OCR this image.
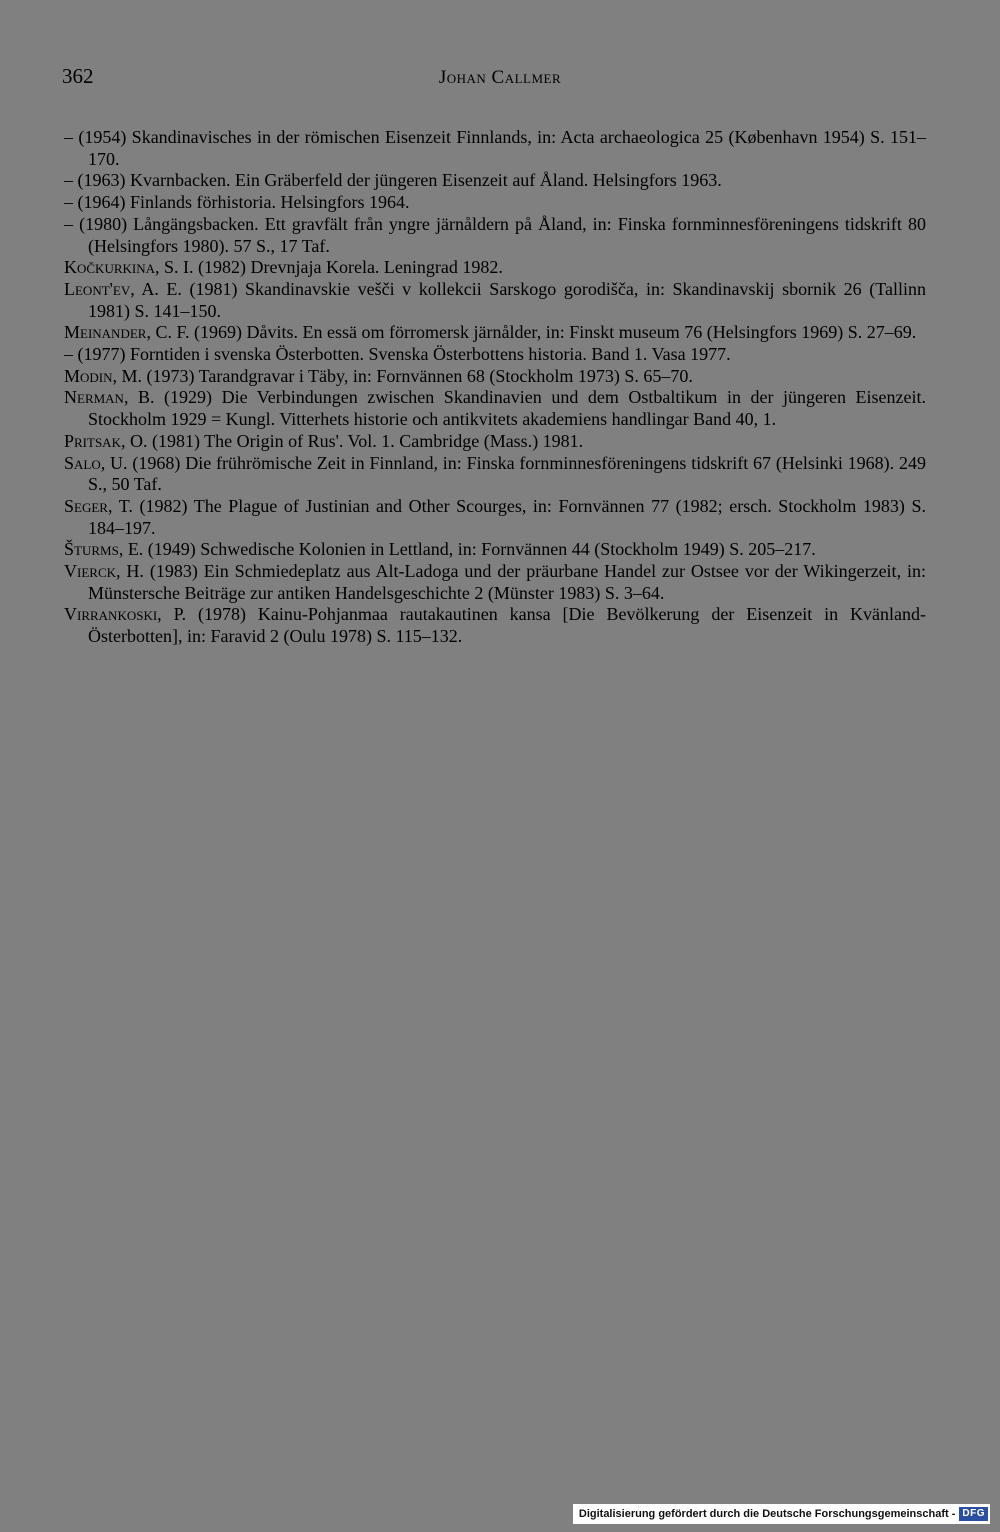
362	Johan Callmer
– (1954) Skandinavisches in der römischen Eisenzeit Finnlands, in: Acta archaeologica 25 (København 1954) S. 151–170.
– (1963) Kvarnbacken. Ein Gräberfeld der jüngeren Eisenzeit auf Åland. Helsingfors 1963.
– (1964) Finlands förhistoria. Helsingfors 1964.
– (1980) Långängsbacken. Ett gravfält från yngre järnåldern på Åland, in: Finska fornminnesföreningens tidskrift 80 (Helsingfors 1980). 57 S., 17 Taf.
Kočkurkina, S. I. (1982) Drevnjaja Korela. Leningrad 1982.
Leont'ev, A. E. (1981) Skandinavskie vešči v kollekcii Sarskogo gorodišča, in: Skandinavskij sbornik 26 (Tallinn 1981) S. 141–150.
Meinander, C. F. (1969) Dåvits. En essä om förromersk järnålder, in: Finskt museum 76 (Helsingfors 1969) S. 27–69.
– (1977) Forntiden i svenska Österbotten. Svenska Österbottens historia. Band 1. Vasa 1977.
Modin, M. (1973) Tarandgravar i Täby, in: Fornvännen 68 (Stockholm 1973) S. 65–70.
Nerman, B. (1929) Die Verbindungen zwischen Skandinavien und dem Ostbaltikum in der jüngeren Eisenzeit. Stockholm 1929 = Kungl. Vitterhets historie och antikvitets akademiens handlingar Band 40, 1.
Pritsak, O. (1981) The Origin of Rus'. Vol. 1. Cambridge (Mass.) 1981.
Salo, U. (1968) Die frührömische Zeit in Finnland, in: Finska fornminnesföreningens tidskrift 67 (Helsinki 1968). 249 S., 50 Taf.
Seger, T. (1982) The Plague of Justinian and Other Scourges, in: Fornvännen 77 (1982; ersch. Stockholm 1983) S. 184–197.
Šturms, E. (1949) Schwedische Kolonien in Lettland, in: Fornvännen 44 (Stockholm 1949) S. 205–217.
Vierck, H. (1983) Ein Schmiedeplatz aus Alt-Ladoga und der präurbane Handel zur Ostsee vor der Wikingerzeit, in: Münstersche Beiträge zur antiken Handelsgeschichte 2 (Münster 1983) S. 3–64.
Virrankoski, P. (1978) Kainu-Pohjanmaa rautakautinen kansa [Die Bevölkerung der Eisenzeit in Kvänland-Österbotten], in: Faravid 2 (Oulu 1978) S. 115–132.
Digitalisierung gefördert durch die Deutsche Forschungsgemeinschaft - DFG
